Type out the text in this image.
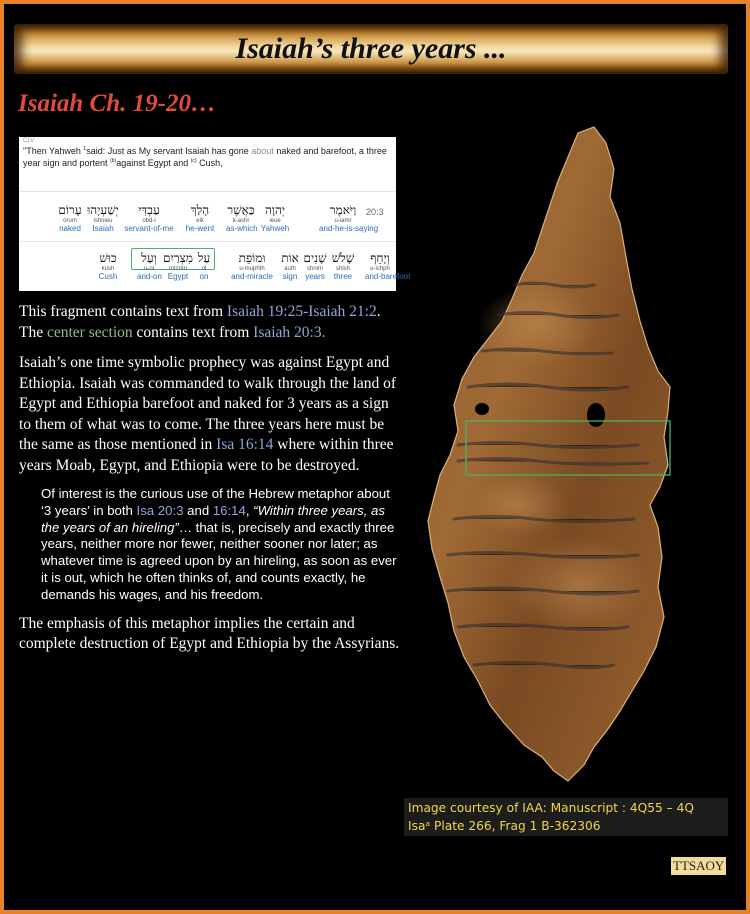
Isaiah’s three years ...
Isaiah Ch. 19-20…
CLV
"Then Yahweh $^1$said: Just as My servant Isaiah has gone about naked and barefoot, a three year sign and portent $^{(b)}$against Egypt and $^{(c)}$ Cush,
20:3
וַיֹּאמֶר
u-iamr
and-he-is-saying
יְהוָה
ieue
Yahweh
כַּאֲשֶׁר
k-ashr
as-which
הָלַךְ
elk
he-went
עַבְדִּי
obd-i
servant-of-me
יְשַׁעְיָהוּ
ishoieu
Isaiah
עָרוֹם
orum
naked
וְיָחֵף
u-ichph
and-barefoot
שָׁלֹשׁ
shlsh
three
שָׁנִים
shnim
years
אוֹת
auth
sign
וּמוֹפֵת
u-muphth
and-miracle
עַל
ol
on
מִצְרַיִם
mtzrim
Egypt
וְעַל
u-ol
and-on
כּוּשׁ
kush
Cush

This fragment contains text from Isaiah 19:25-Isaiah 21:2. The center section contains text from Isaiah 20:3.

Isaiah’s one time symbolic prophecy was against Egypt and Ethiopia. Isaiah was commanded to walk through the land of Egypt and Ethiopia barefoot and naked for 3 years as a sign to them of what was to come. The three years here must be the same as those mentioned in Isa 16:14 where within three years Moab, Egypt, and Ethiopia were to be destroyed.

Of interest is the curious use of the Hebrew metaphor about ‘3 years’ in both Isa 20:3 and 16:14, “Within three years, as the years of an hireling”… that is, precisely and exactly three years, neither more nor fewer, neither sooner nor later; as whatever time is agreed upon by an hireling, as soon as ever it is out, which he often thinks of, and counts exactly, he demands his wages, and his freedom.

The emphasis of this metaphor implies the certain and complete destruction of Egypt and Ethiopia by the Assyrians.

Image courtesy of IAA: Manuscript : 4Q55 – 4Q
Isaᵃ Plate 266, Frag 1 B-362306
TTSAOY
